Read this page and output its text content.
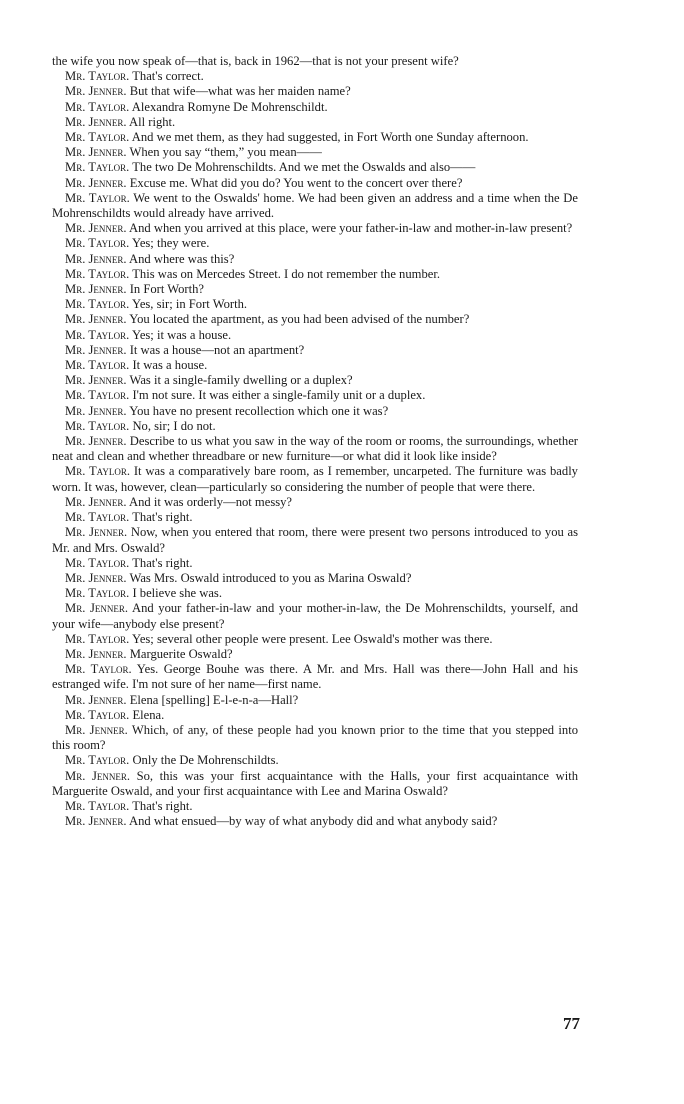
the wife you now speak of—that is, back in 1962—that is not your present wife?

Mr. Taylor. That's correct.

Mr. Jenner. But that wife—what was her maiden name?

Mr. Taylor. Alexandra Romyne De Mohrenschildt.

Mr. Jenner. All right.

Mr. Taylor. And we met them, as they had suggested, in Fort Worth one Sunday afternoon.

Mr. Jenner. When you say “them,” you mean——

Mr. Taylor. The two De Mohrenschildts. And we met the Oswalds and also——

Mr. Jenner. Excuse me. What did you do? You went to the concert over there?

Mr. Taylor. We went to the Oswalds' home. We had been given an address and a time when the De Mohrenschildts would already have arrived.

Mr. Jenner. And when you arrived at this place, were your father-in-law and mother-in-law present?

Mr. Taylor. Yes; they were.

Mr. Jenner. And where was this?

Mr. Taylor. This was on Mercedes Street. I do not remember the number.

Mr. Jenner. In Fort Worth?

Mr. Taylor. Yes, sir; in Fort Worth.

Mr. Jenner. You located the apartment, as you had been advised of the number?

Mr. Taylor. Yes; it was a house.

Mr. Jenner. It was a house—not an apartment?

Mr. Taylor. It was a house.

Mr. Jenner. Was it a single-family dwelling or a duplex?

Mr. Taylor. I'm not sure. It was either a single-family unit or a duplex.

Mr. Jenner. You have no present recollection which one it was?

Mr. Taylor. No, sir; I do not.

Mr. Jenner. Describe to us what you saw in the way of the room or rooms, the surroundings, whether neat and clean and whether threadbare or new furniture—or what did it look like inside?

Mr. Taylor. It was a comparatively bare room, as I remember, uncarpeted. The furniture was badly worn. It was, however, clean—particularly so considering the number of people that were there.

Mr. Jenner. And it was orderly—not messy?

Mr. Taylor. That's right.

Mr. Jenner. Now, when you entered that room, there were present two persons introduced to you as Mr. and Mrs. Oswald?

Mr. Taylor. That's right.

Mr. Jenner. Was Mrs. Oswald introduced to you as Marina Oswald?

Mr. Taylor. I believe she was.

Mr. Jenner. And your father-in-law and your mother-in-law, the De Mohrenschildts, yourself, and your wife—anybody else present?

Mr. Taylor. Yes; several other people were present. Lee Oswald's mother was there.

Mr. Jenner. Marguerite Oswald?

Mr. Taylor. Yes. George Bouhe was there. A Mr. and Mrs. Hall was there—John Hall and his estranged wife. I'm not sure of her name—first name.

Mr. Jenner. Elena [spelling] E-l-e-n-a—Hall?

Mr. Taylor. Elena.

Mr. Jenner. Which, of any, of these people had you known prior to the time that you stepped into this room?

Mr. Taylor. Only the De Mohrenschildts.

Mr. Jenner. So, this was your first acquaintance with the Halls, your first acquaintance with Marguerite Oswald, and your first acquaintance with Lee and Marina Oswald?

Mr. Taylor. That's right.

Mr. Jenner. And what ensued—by way of what anybody did and what anybody said?

77
